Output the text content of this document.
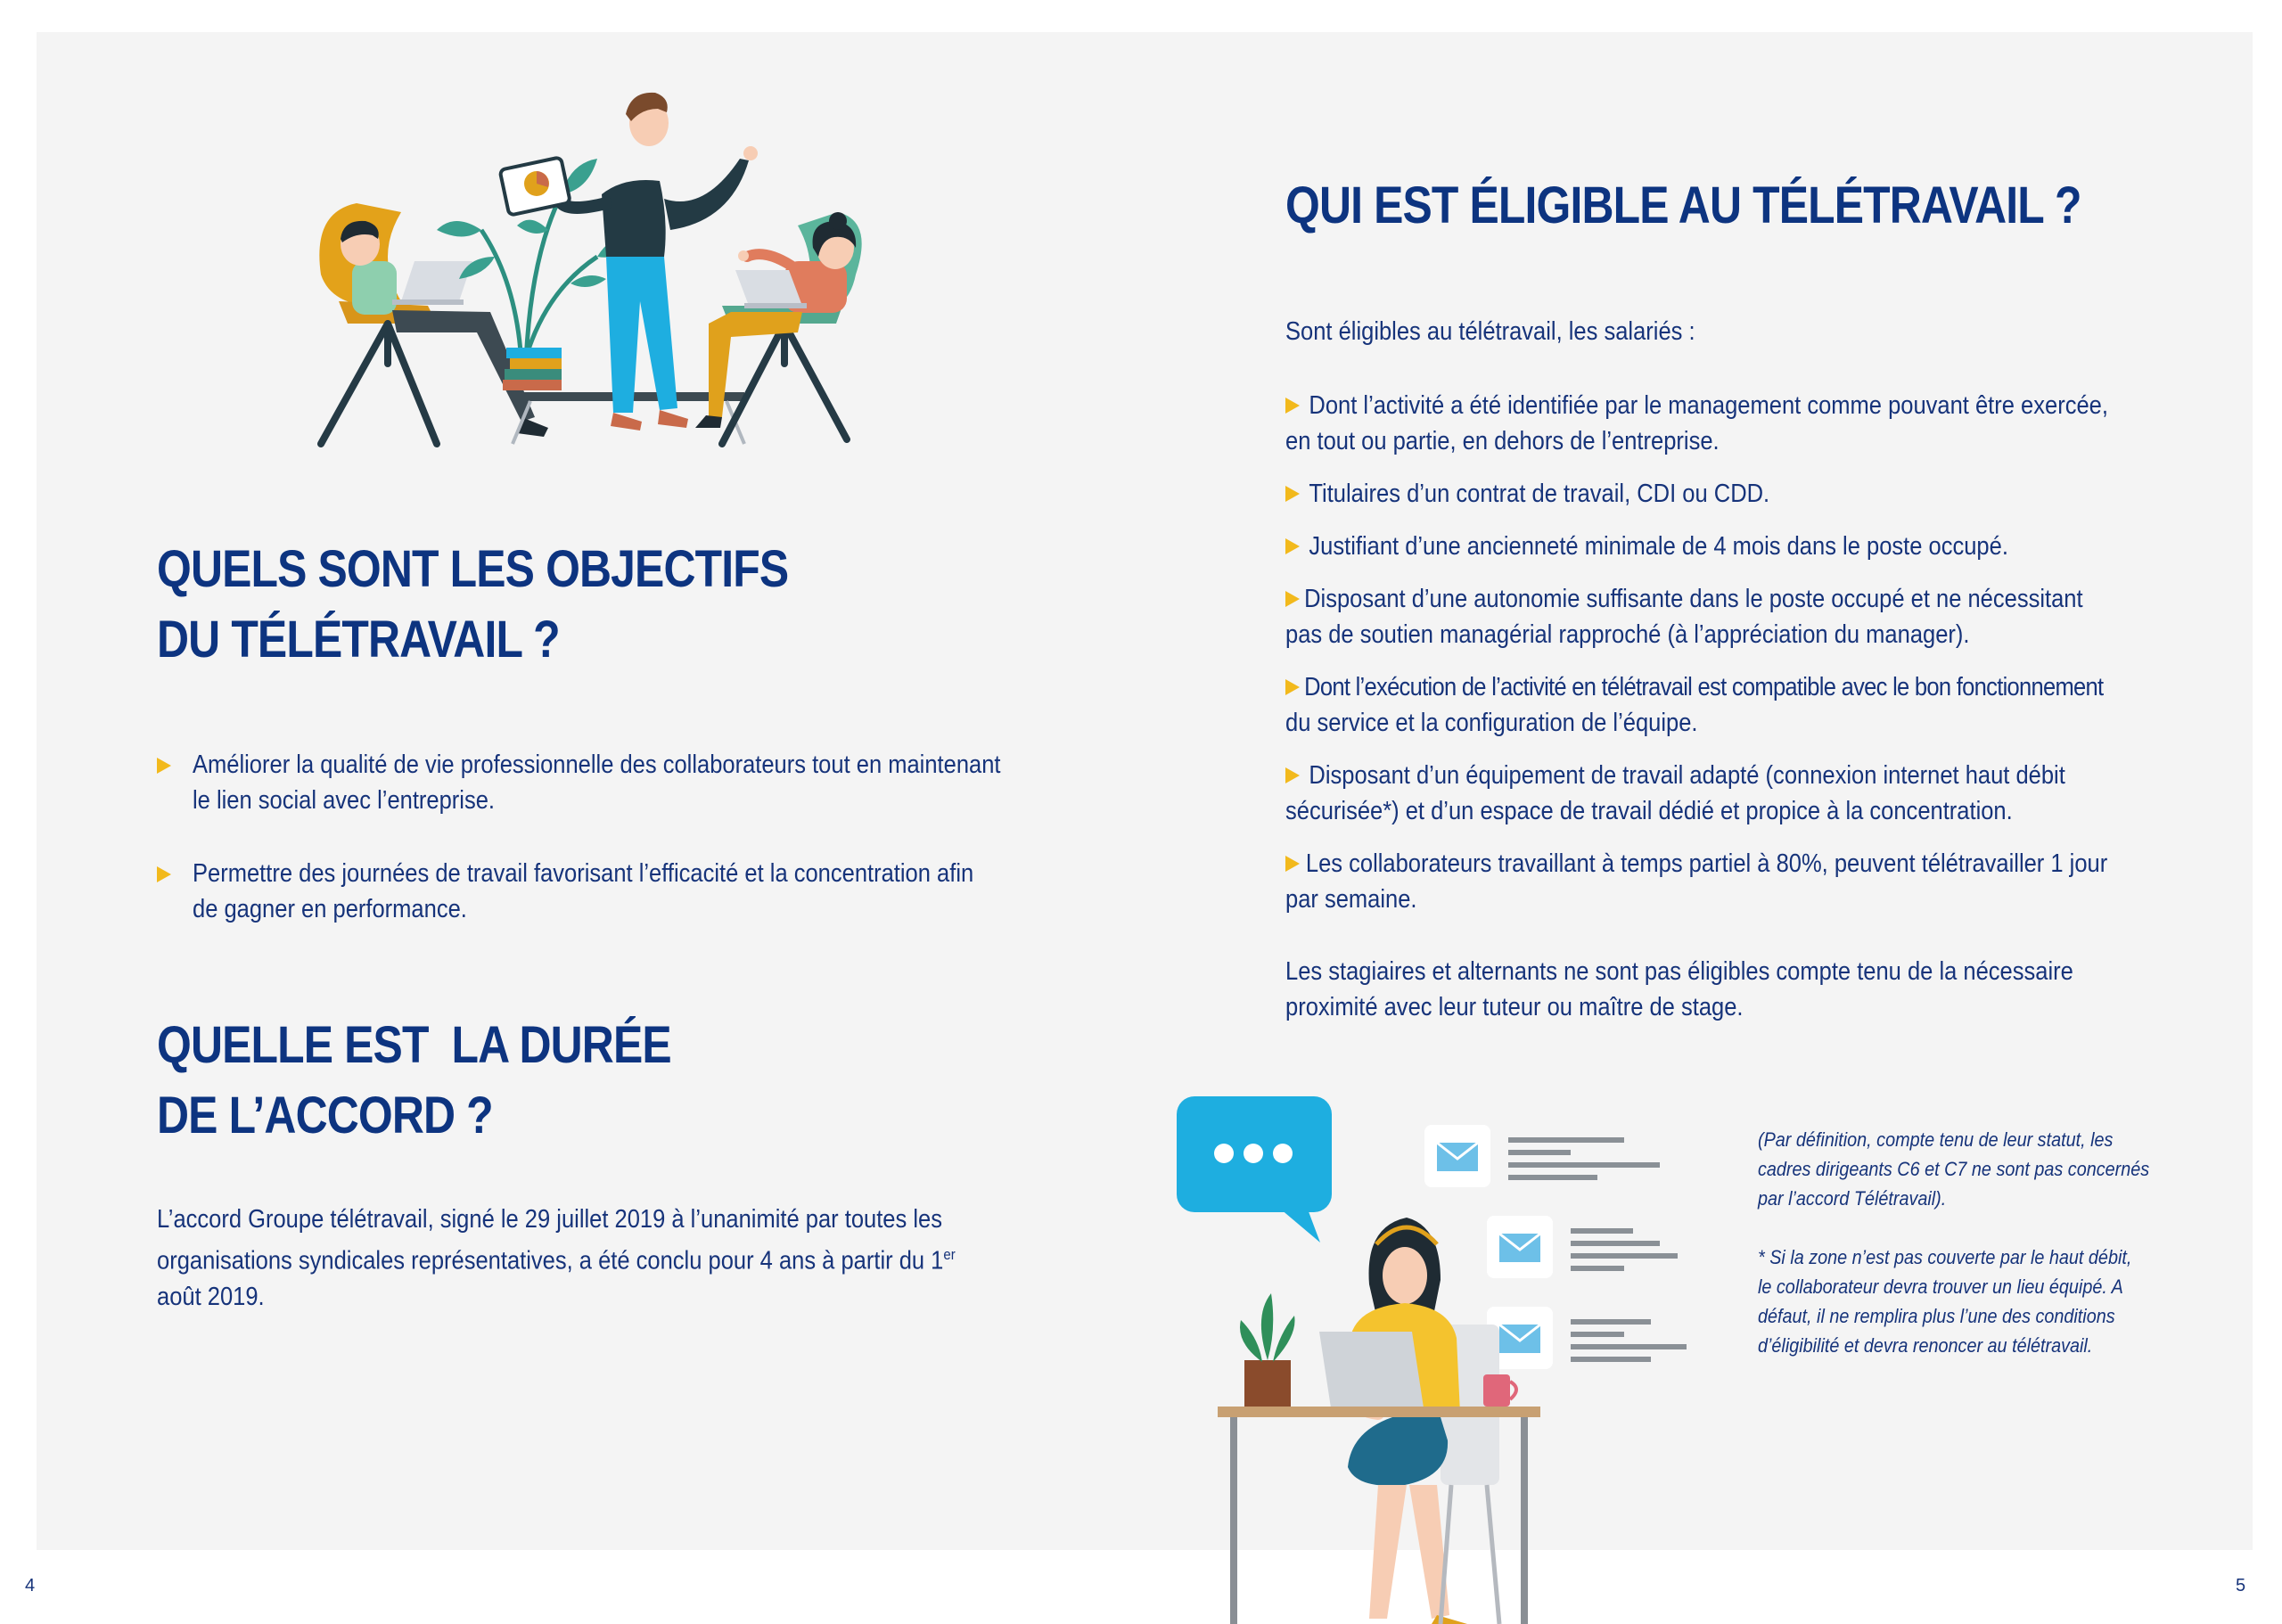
QUELS SONT LES OBJECTIFS
DU TÉLÉTRAVAIL ?

Améliorer la qualité de vie professionnelle des collaborateurs tout en maintenant
le lien social avec l’entreprise.

Permettre des journées de travail favorisant l’efficacité et la concentration afin
de gagner en performance.

QUELLE EST  LA DURÉE
DE L’ACCORD ?

L’accord Groupe télétravail, signé le 29 juillet 2019 à l’unanimité par toutes les
organisations syndicales représentatives, a été conclu pour 4 ans à partir du 1er
août 2019.

4
QUI EST ÉLIGIBLE AU TÉLÉTRAVAIL ?

Sont éligibles au télétravail, les salariés :

Dont l’activité a été identifiée par le management comme pouvant être exercée,
en tout ou partie, en dehors de l’entreprise.

Titulaires d’un contrat de travail, CDI ou CDD.

Justifiant d’une ancienneté minimale de 4 mois dans le poste occupé.

Disposant d’une autonomie suffisante dans le poste occupé et ne nécessitant
pas de soutien managérial rapproché (à l’appréciation du manager).

Dont l’exécution de l’activité en télétravail est compatible avec le bon fonctionnement
du service et la configuration de l’équipe.

Disposant d’un équipement de travail adapté (connexion internet haut débit
sécurisée*) et d’un espace de travail dédié et propice à la concentration.

Les collaborateurs travaillant à temps partiel à 80%, peuvent télétravailler 1 jour
par semaine.

Les stagiaires et alternants ne sont pas éligibles compte tenu de la nécessaire
proximité avec leur tuteur ou maître de stage.

(Par définition, compte tenu de leur statut, les
cadres dirigeants C6 et C7 ne sont pas concernés
par l’accord Télétravail).

* Si la zone n’est pas couverte par le haut débit,
le collaborateur devra trouver un lieu équipé. A
défaut, il ne remplira plus l’une des conditions
d’éligibilité et devra renoncer au télétravail.

5
